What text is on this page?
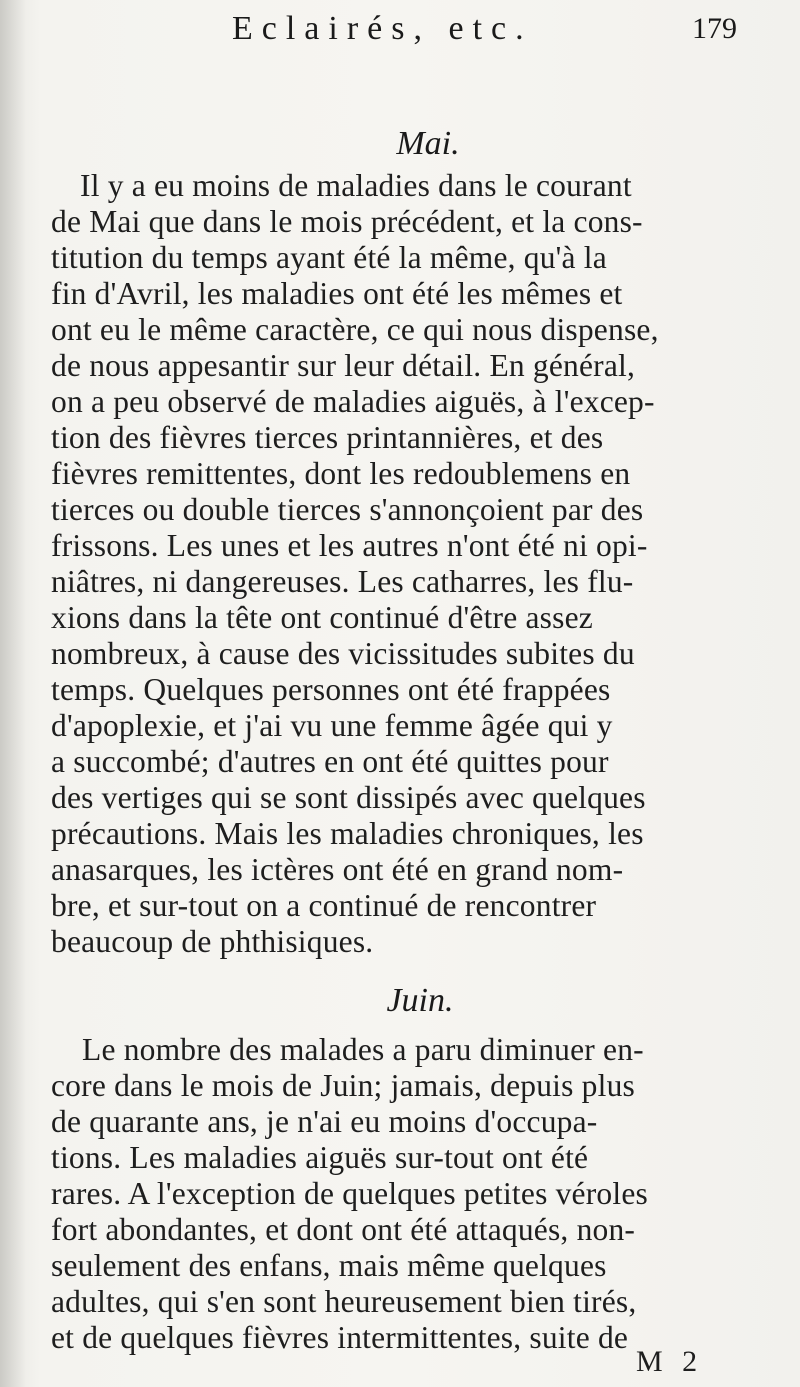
Eclairés, etc.	179
Mai.
Il y a eu moins de maladies dans le courant
de Mai que dans le mois précédent, et la cons-
titution du temps ayant été la même, qu'à la
fin d'Avril, les maladies ont été les mêmes et
ont eu le même caractère, ce qui nous dispense,
de nous appesantir sur leur détail. En général,
on a peu observé de maladies aiguës, à l'excep-
tion des fièvres tierces printannières, et des
fièvres remittentes, dont les redoublemens en
tierces ou double tierces s'annonçoient par des
frissons. Les unes et les autres n'ont été ni opi-
niâtres, ni dangereuses. Les catharres, les flu-
xions dans la tête ont continué d'être assez
nombreux, à cause des vicissitudes subites du
temps. Quelques personnes ont été frappées
d'apoplexie, et j'ai vu une femme âgée qui y
a succombé; d'autres en ont été quittes pour
des vertiges qui se sont dissipés avec quelques
précautions. Mais les maladies chroniques, les
anasarques, les ictères ont été en grand nom-
bre, et sur-tout on a continué de rencontrer
beaucoup de phthisiques.
Juin.
Le nombre des malades a paru diminuer en-
core dans le mois de Juin; jamais, depuis plus
de quarante ans, je n'ai eu moins d'occupa-
tions. Les maladies aiguës sur-tout ont été
rares. A l'exception de quelques petites véroles
fort abondantes, et dont ont été attaqués, non-
seulement des enfans, mais même quelques
adultes, qui s'en sont heureusement bien tirés,
et de quelques fièvres intermittentes, suite de
M 2
